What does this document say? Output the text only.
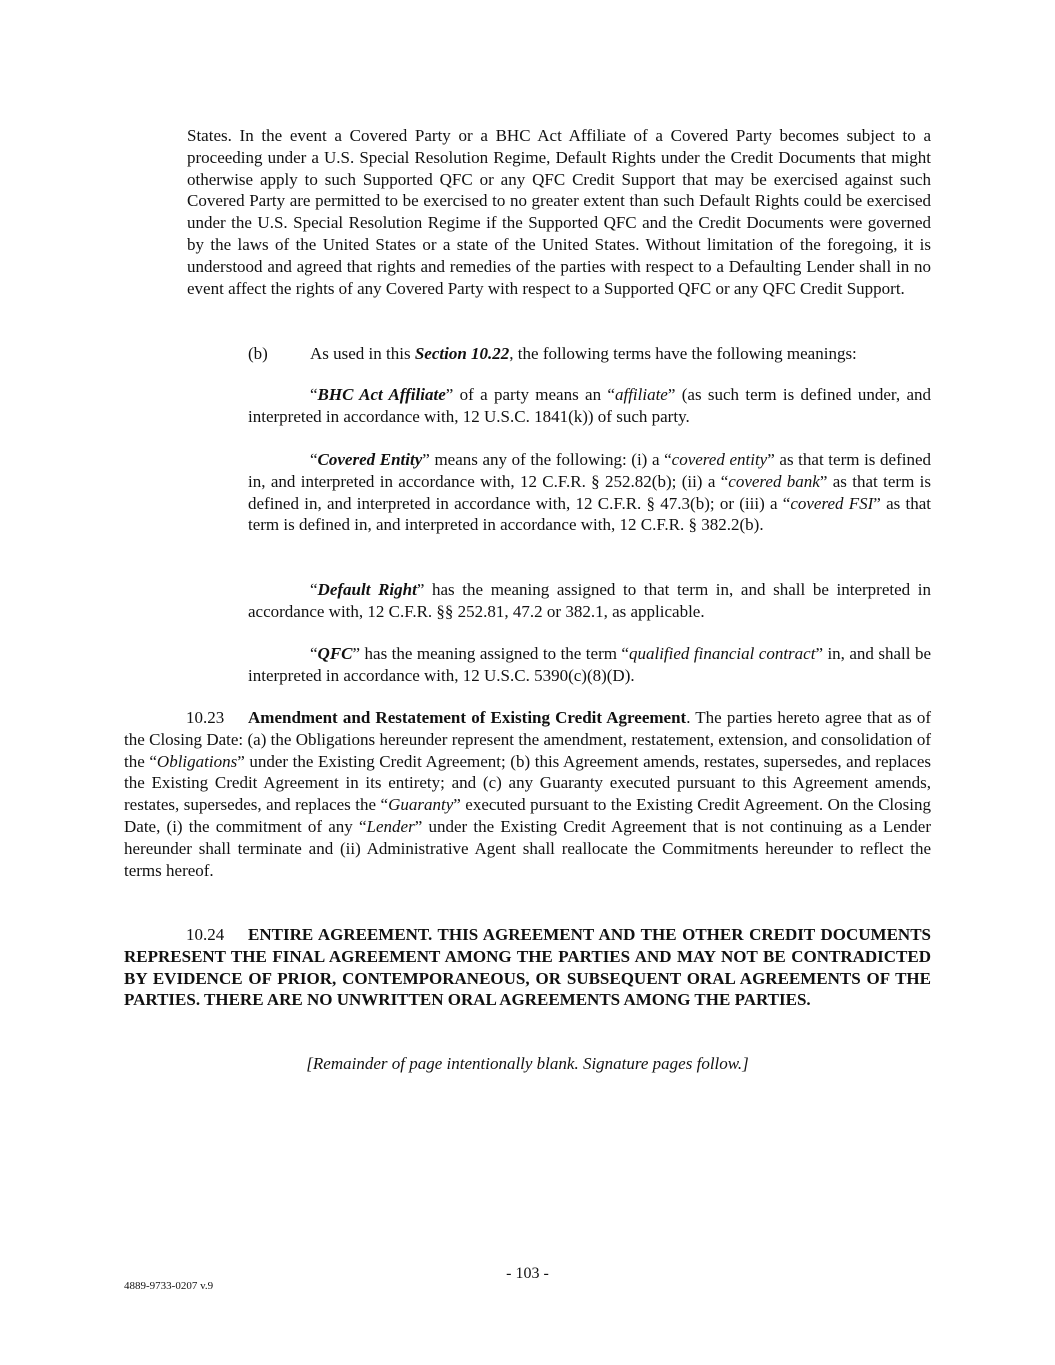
States. In the event a Covered Party or a BHC Act Affiliate of a Covered Party becomes subject to a proceeding under a U.S. Special Resolution Regime, Default Rights under the Credit Documents that might otherwise apply to such Supported QFC or any QFC Credit Support that may be exercised against such Covered Party are permitted to be exercised to no greater extent than such Default Rights could be exercised under the U.S. Special Resolution Regime if the Supported QFC and the Credit Documents were governed by the laws of the United States or a state of the United States. Without limitation of the foregoing, it is understood and agreed that rights and remedies of the parties with respect to a Defaulting Lender shall in no event affect the rights of any Covered Party with respect to a Supported QFC or any QFC Credit Support.

(b) As used in this Section 10.22, the following terms have the following meanings:

“BHC Act Affiliate” of a party means an “affiliate” (as such term is defined under, and interpreted in accordance with, 12 U.S.C. 1841(k)) of such party.

“Covered Entity” means any of the following: (i) a “covered entity” as that term is defined in, and interpreted in accordance with, 12 C.F.R. § 252.82(b); (ii) a “covered bank” as that term is defined in, and interpreted in accordance with, 12 C.F.R. § 47.3(b); or (iii) a “covered FSI” as that term is defined in, and interpreted in accordance with, 12 C.F.R. § 382.2(b).

“Default Right” has the meaning assigned to that term in, and shall be interpreted in accordance with, 12 C.F.R. §§ 252.81, 47.2 or 382.1, as applicable.

“QFC” has the meaning assigned to the term “qualified financial contract” in, and shall be interpreted in accordance with, 12 U.S.C. 5390(c)(8)(D).

10.23 Amendment and Restatement of Existing Credit Agreement. The parties hereto agree that as of the Closing Date: (a) the Obligations hereunder represent the amendment, restatement, extension, and consolidation of the “Obligations” under the Existing Credit Agreement; (b) this Agreement amends, restates, supersedes, and replaces the Existing Credit Agreement in its entirety; and (c) any Guaranty executed pursuant to this Agreement amends, restates, supersedes, and replaces the “Guaranty” executed pursuant to the Existing Credit Agreement. On the Closing Date, (i) the commitment of any “Lender” under the Existing Credit Agreement that is not continuing as a Lender hereunder shall terminate and (ii) Administrative Agent shall reallocate the Commitments hereunder to reflect the terms hereof.

10.24 ENTIRE AGREEMENT. THIS AGREEMENT AND THE OTHER CREDIT DOCUMENTS REPRESENT THE FINAL AGREEMENT AMONG THE PARTIES AND MAY NOT BE CONTRADICTED BY EVIDENCE OF PRIOR, CONTEMPORANEOUS, OR SUBSEQUENT ORAL AGREEMENTS OF THE PARTIES. THERE ARE NO UNWRITTEN ORAL AGREEMENTS AMONG THE PARTIES.

[Remainder of page intentionally blank. Signature pages follow.]
- 103 -
4889-9733-0207 v.9
